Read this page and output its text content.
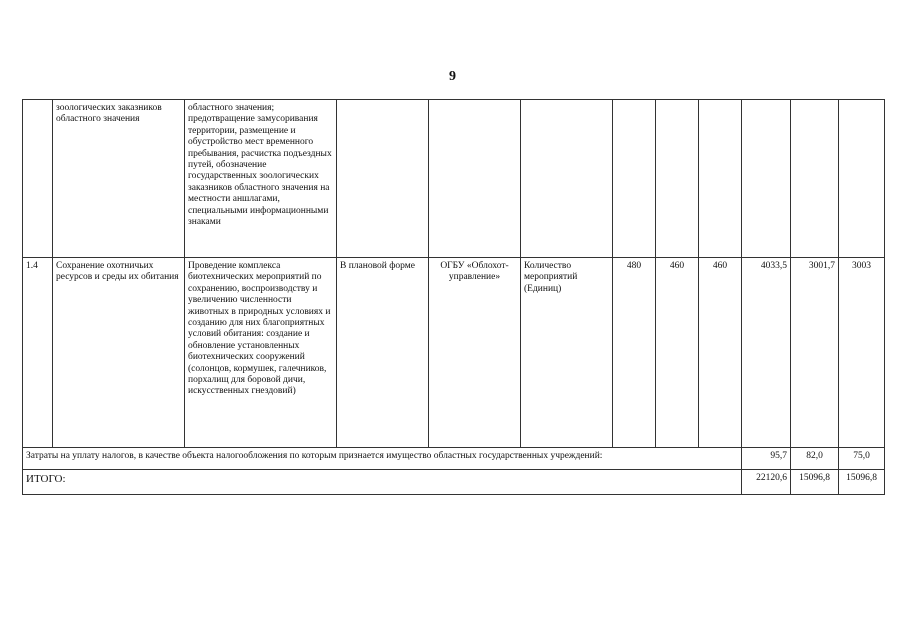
9
	зоологических заказников областного значения	областного значения; предотвращение замусоривания территории, размещение и обустройство мест временного пребывания, расчистка подъездных путей, обозначение государственных зоологических заказников областного значения на местности аншлагами, специальными информационными знаками									
1.4	Сохранение охотничьих ресурсов и среды их обитания	Проведение комплекса биотехнических мероприятий по сохранению, воспроизводству и увеличению численности животных в природных условиях и созданию для них благоприятных условий обитания: создание и обновление установленных биотехнических сооружений (солонцов, кормушек, галечников, порхалищ для боровой дичи, искусственных гнездовий)	В плановой форме	ОГБУ «Облохот-управление»	Количество мероприятий (Единиц)	480	460	460	4033,5	3001,7	3003
Затраты на уплату налогов, в качестве объекта налогообложения по которым признается имущество областных государственных учреждений:									95,7	82,0	75,0
ИТОГО:									22120,6	15096,8	15096,8
